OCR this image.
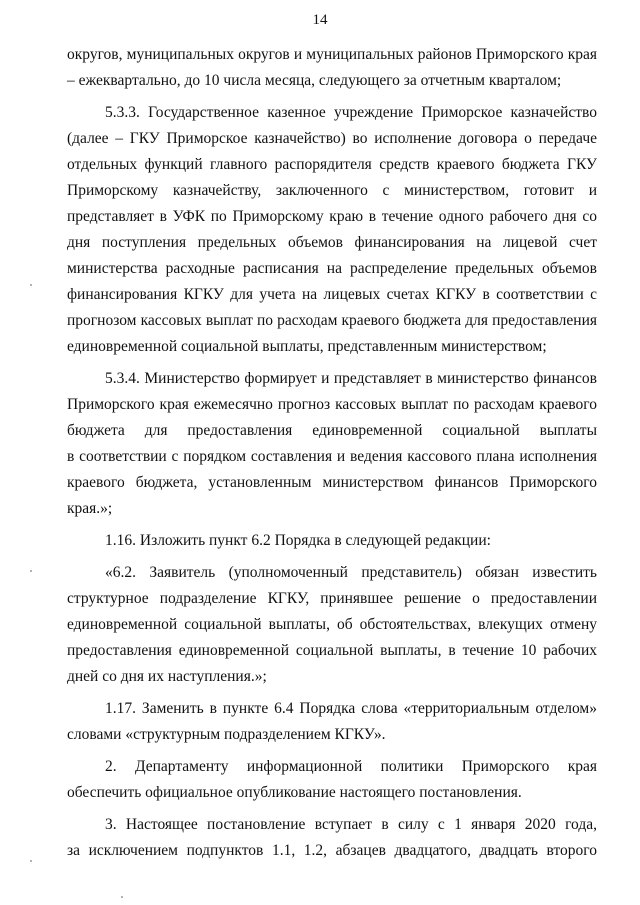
14
округов, муниципальных округов и муниципальных районов Приморского края
– ежеквартально, до 10 числа месяца, следующего за отчетным кварталом;
5.3.3. Государственное казенное учреждение Приморское казначейство
(далее – ГКУ Приморское казначейство) во исполнение договора о передаче
отдельных функций главного распорядителя средств краевого бюджета ГКУ
Приморскому казначейству, заключенного с министерством, готовит и
представляет в УФК по Приморскому краю в течение одного рабочего дня со
дня поступления предельных объемов финансирования на лицевой счет
министерства расходные расписания на распределение предельных объемов
финансирования КГКУ для учета на лицевых счетах КГКУ в соответствии с
прогнозом кассовых выплат по расходам краевого бюджета для предоставления
единовременной социальной выплаты, представленным министерством;
5.3.4. Министерство формирует и представляет в министерство финансов
Приморского края ежемесячно прогноз кассовых выплат по расходам краевого
бюджета для предоставления единовременной социальной выплаты
в соответствии с порядком составления и ведения кассового плана исполнения
краевого бюджета, установленным министерством финансов Приморского
края.»;
1.16. Изложить пункт 6.2 Порядка в следующей редакции:
«6.2. Заявитель (уполномоченный представитель) обязан известить
структурное подразделение КГКУ, принявшее решение о предоставлении
единовременной социальной выплаты, об обстоятельствах, влекущих отмену
предоставления единовременной социальной выплаты, в течение 10 рабочих
дней со дня их наступления.»;
1.17. Заменить в пункте 6.4 Порядка слова «территориальным отделом»
словами «структурным подразделением КГКУ».
2. Департаменту информационной политики Приморского края
обеспечить официальное опубликование настоящего постановления.
3. Настоящее постановление вступает в силу с 1 января 2020 года,
за исключением подпунктов 1.1, 1.2, абзацев двадцатого, двадцать второго
